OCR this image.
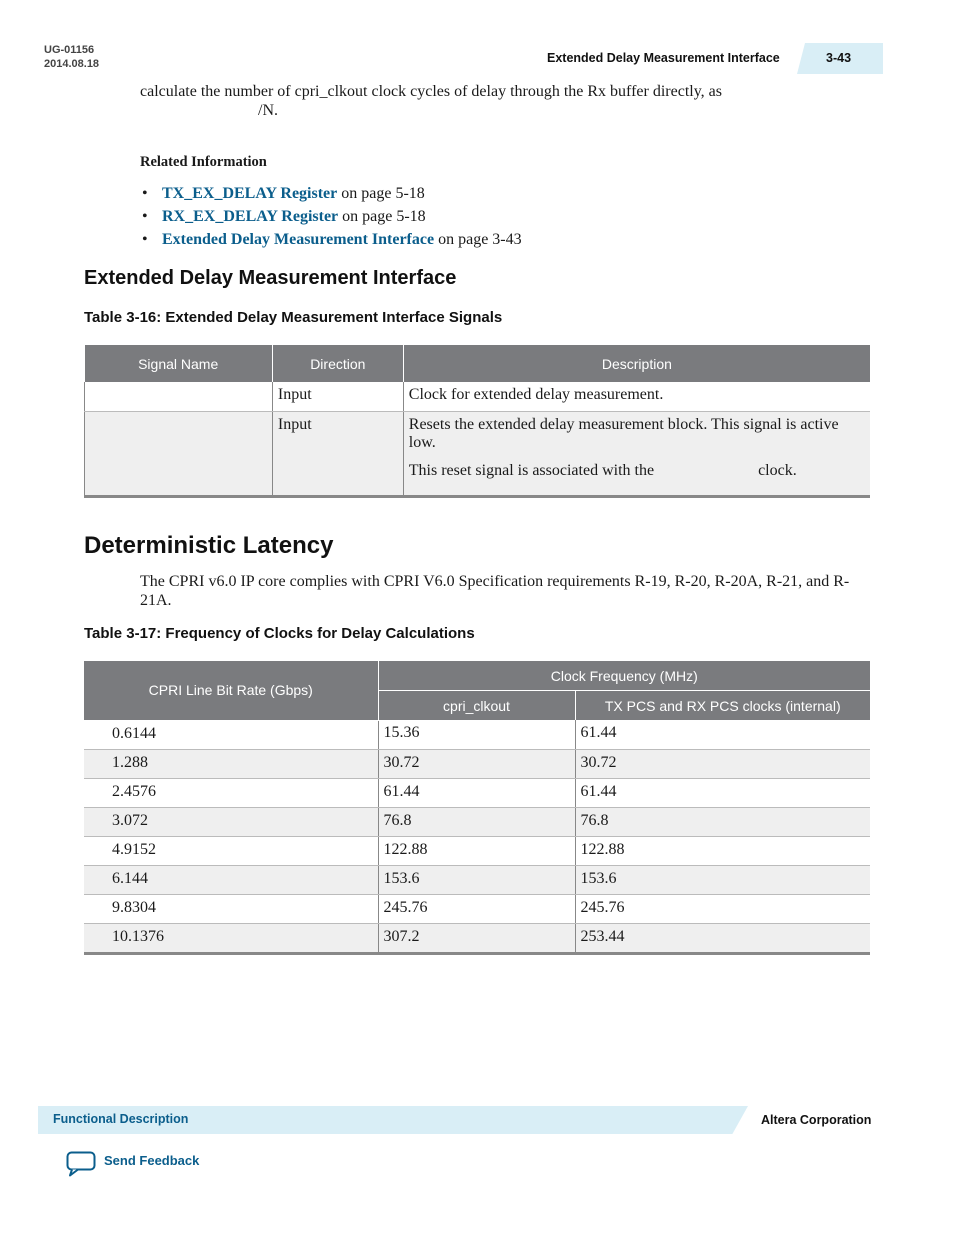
UG-01156
2014.08.18	Extended Delay Measurement Interface	3-43
calculate the number of cpri_clkout clock cycles of delay through the Rx buffer directly, as
/N.
Related Information
• TX_EX_DELAY Register on page 5-18
• RX_EX_DELAY Register on page 5-18
• Extended Delay Measurement Interface on page 3-43
Extended Delay Measurement Interface
Table 3-16: Extended Delay Measurement Interface Signals
Signal Name	Direction	Description
	Input	Clock for extended delay measurement.

	Input	Resets the extended delay measurement block. This signal is active low.

This reset signal is associated with the clock.

Deterministic Latency
The CPRI v6.0 IP core complies with CPRI V6.0 Specification requirements R-19, R-20, R-20A, R-21, and R-21A.
Table 3-17: Frequency of Clocks for Delay Calculations
CPRI Line Bit Rate (Gbps)	Clock Frequency (MHz)	
	cpri_clkout	TX PCS and RX PCS clocks (internal)
0.6144	15.36	61.44
1.288	30.72	30.72
2.4576	61.44	61.44
3.072	76.8	76.8
4.9152	122.88	122.88
6.144	153.6	153.6
9.8304	245.76	245.76
10.1376	307.2	253.44
Functional Description	Altera Corporation
Send Feedback
